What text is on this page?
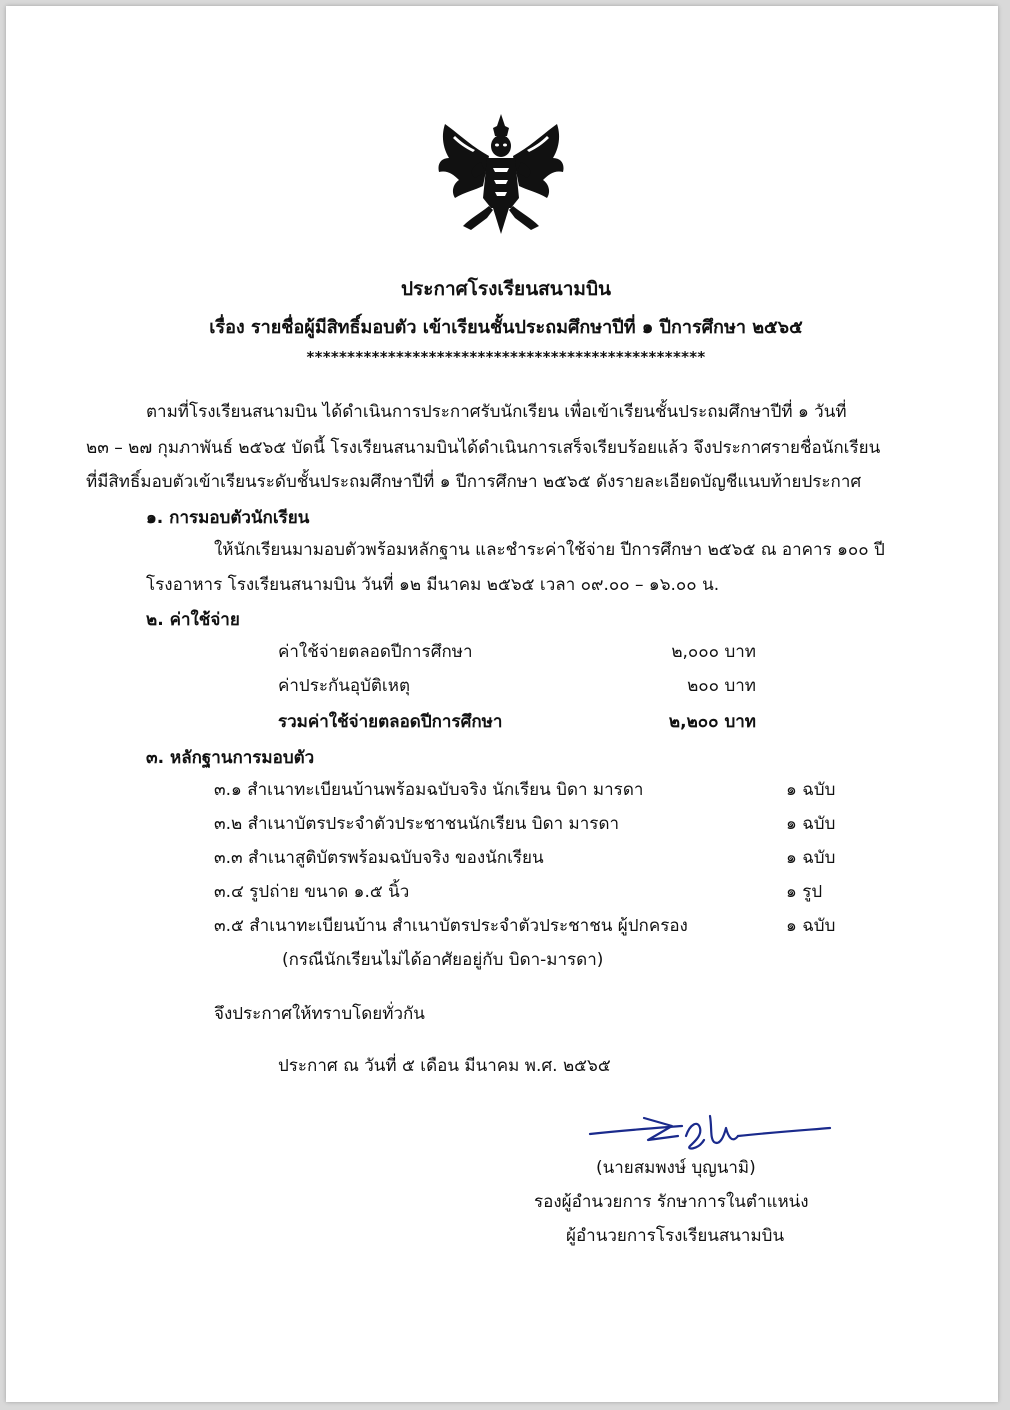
ประกาศโรงเรียนสนามบิน
เรื่อง รายชื่อผู้มีสิทธิ์มอบตัว เข้าเรียนชั้นประถมศึกษาปีที่ ๑ ปีการศึกษา ๒๕๖๕
*************************************************
ตามที่โรงเรียนสนามบิน ได้ดำเนินการประกาศรับนักเรียน เพื่อเข้าเรียนชั้นประถมศึกษาปีที่ ๑ วันที่
๒๓ – ๒๗ กุมภาพันธ์ ๒๕๖๕ บัดนี้ โรงเรียนสนามบินได้ดำเนินการเสร็จเรียบร้อยแล้ว จึงประกาศรายชื่อนักเรียน
ที่มีสิทธิ์มอบตัวเข้าเรียนระดับชั้นประถมศึกษาปีที่ ๑ ปีการศึกษา ๒๕๖๕ ดังรายละเอียดบัญชีแนบท้ายประกาศ
๑. การมอบตัวนักเรียน
ให้นักเรียนมามอบตัวพร้อมหลักฐาน และชำระค่าใช้จ่าย ปีการศึกษา ๒๕๖๕ ณ อาคาร ๑๐๐ ปี
โรงอาหาร โรงเรียนสนามบิน วันที่ ๑๒ มีนาคม ๒๕๖๕ เวลา ๐๙.๐๐ – ๑๖.๐๐ น.
๒. ค่าใช้จ่าย
ค่าใช้จ่ายตลอดปีการศึกษา	๒,๐๐๐ บาท
ค่าประกันอุบัติเหตุ	๒๐๐ บาท
รวมค่าใช้จ่ายตลอดปีการศึกษา	๒,๒๐๐ บาท
๓. หลักฐานการมอบตัว
๓.๑ สำเนาทะเบียนบ้านพร้อมฉบับจริง นักเรียน บิดา มารดา	๑ ฉบับ
๓.๒ สำเนาบัตรประจำตัวประชาชนนักเรียน บิดา มารดา	๑ ฉบับ
๓.๓ สำเนาสูติบัตรพร้อมฉบับจริง ของนักเรียน	๑ ฉบับ
๓.๔ รูปถ่าย ขนาด ๑.๕ นิ้ว	๑ รูป
๓.๕ สำเนาทะเบียนบ้าน สำเนาบัตรประจำตัวประชาชน ผู้ปกครอง	๑ ฉบับ
(กรณีนักเรียนไม่ได้อาศัยอยู่กับ บิดา-มารดา)
จึงประกาศให้ทราบโดยทั่วกัน
ประกาศ ณ วันที่ ๕ เดือน มีนาคม พ.ศ. ๒๕๖๕
(นายสมพงษ์ บุญนามิ)
รองผู้อำนวยการ รักษาการในตำแหน่ง
ผู้อำนวยการโรงเรียนสนามบิน
